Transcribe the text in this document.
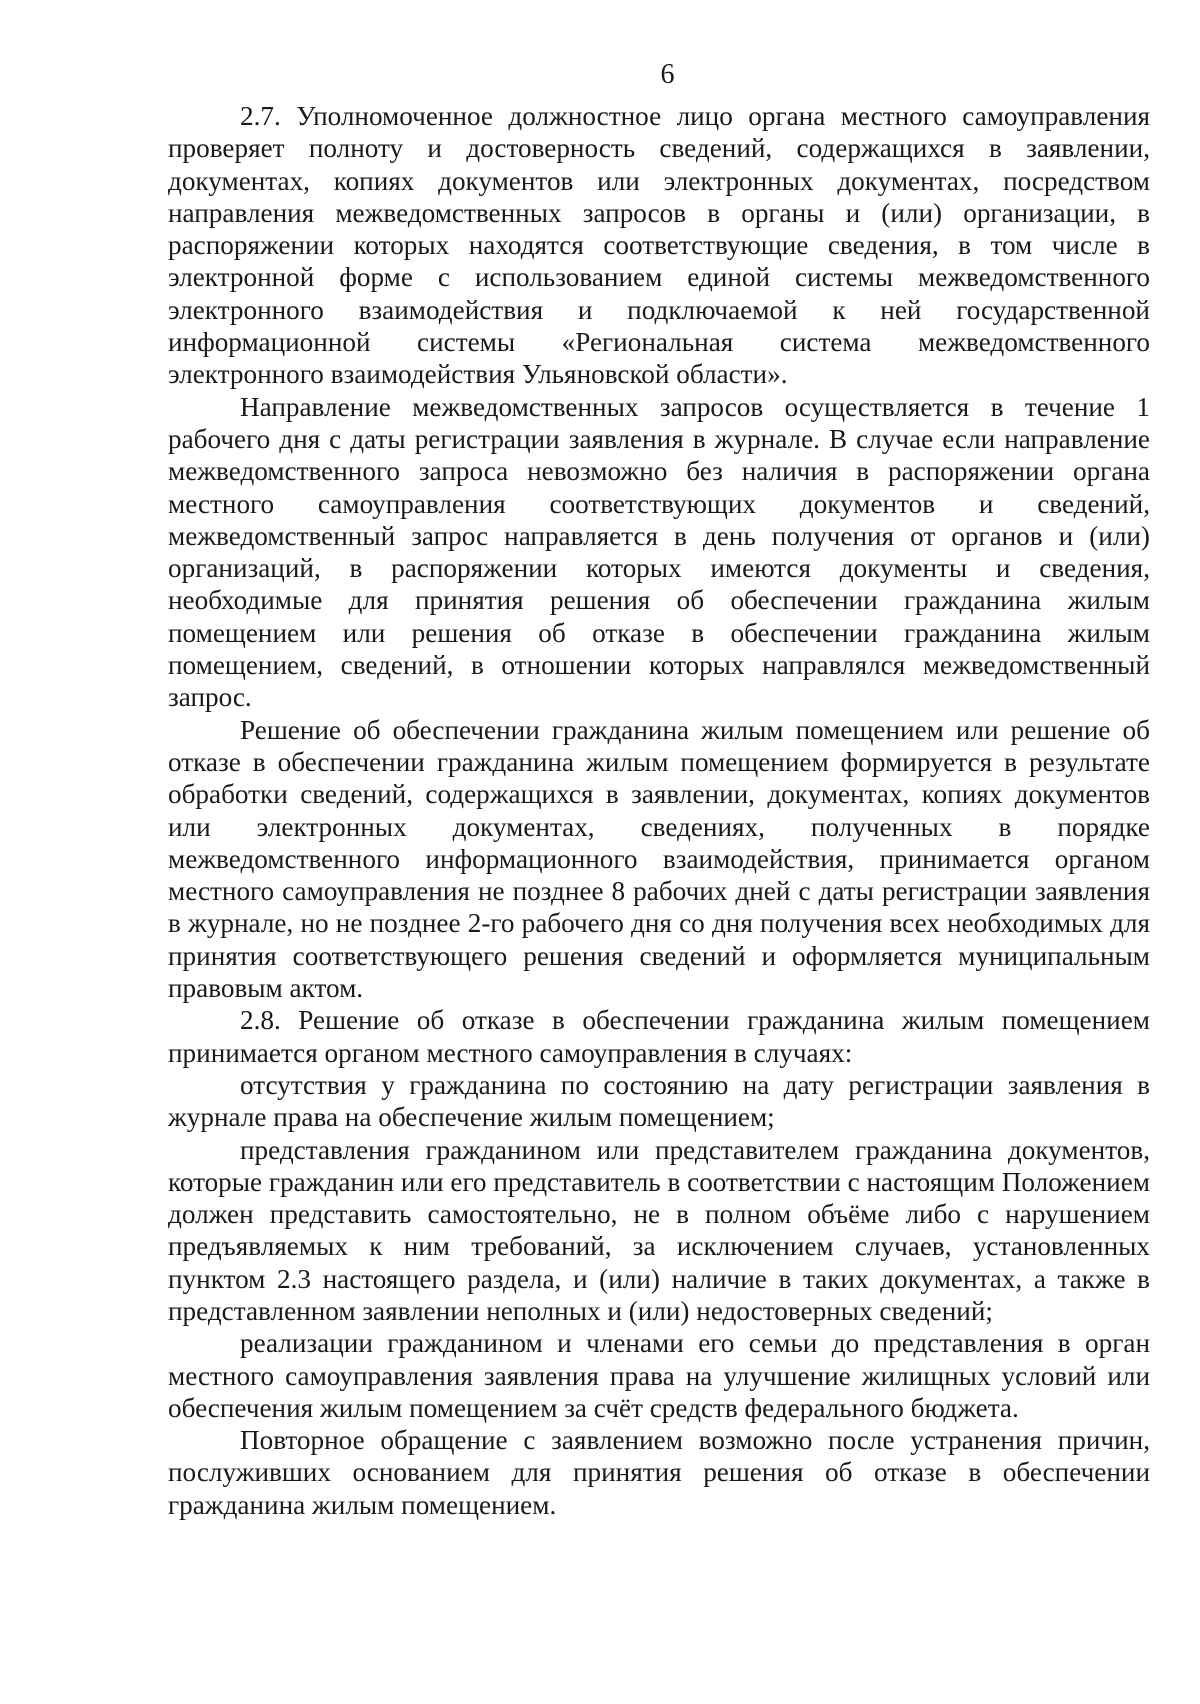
6

2.7. Уполномоченное должностное лицо органа местного самоуправления проверяет полноту и достоверность сведений, содержащихся в заявлении, документах, копиях документов или электронных документах, посредством направления межведомственных запросов в органы и (или) организации, в распоряжении которых находятся соответствующие сведения, в том числе в электронной форме с использованием единой системы межведомственного электронного взаимодействия и подключаемой к ней государственной информационной системы «Региональная система межведомственного электронного взаимодействия Ульяновской области».

Направление межведомственных запросов осуществляется в течение 1 рабочего дня с даты регистрации заявления в журнале. В случае если направление межведомственного запроса невозможно без наличия в распоряжении органа местного самоуправления соответствующих документов и сведений, межведомственный запрос направляется в день получения от органов и (или) организаций, в распоряжении которых имеются документы и сведения, необходимые для принятия решения об обеспечении гражданина жилым помещением или решения об отказе в обеспечении гражданина жилым помещением, сведений, в отношении которых направлялся межведомственный запрос.

Решение об обеспечении гражданина жилым помещением или решение об отказе в обеспечении гражданина жилым помещением формируется в результате обработки сведений, содержащихся в заявлении, документах, копиях документов или электронных документах, сведениях, полученных в порядке межведомственного информационного взаимодействия, принимается органом местного самоуправления не позднее 8 рабочих дней с даты регистрации заявления в журнале, но не позднее 2-го рабочего дня со дня получения всех необходимых для принятия соответствующего решения сведений и оформляется муниципальным правовым актом.

2.8. Решение об отказе в обеспечении гражданина жилым помещением принимается органом местного самоуправления в случаях:

отсутствия у гражданина по состоянию на дату регистрации заявления в журнале права на обеспечение жилым помещением;

представления гражданином или представителем гражданина документов, которые гражданин или его представитель в соответствии с настоящим Положением должен представить самостоятельно, не в полном объёме либо с нарушением предъявляемых к ним требований, за исключением случаев, установленных пунктом 2.3 настоящего раздела, и (или) наличие в таких документах, а также в представленном заявлении неполных и (или) недостоверных сведений;

реализации гражданином и членами его семьи до представления в орган местного самоуправления заявления права на улучшение жилищных условий или обеспечения жилым помещением за счёт средств федерального бюджета.

Повторное обращение с заявлением возможно после устранения причин, послуживших основанием для принятия решения об отказе в обеспечении гражданина жилым помещением.
